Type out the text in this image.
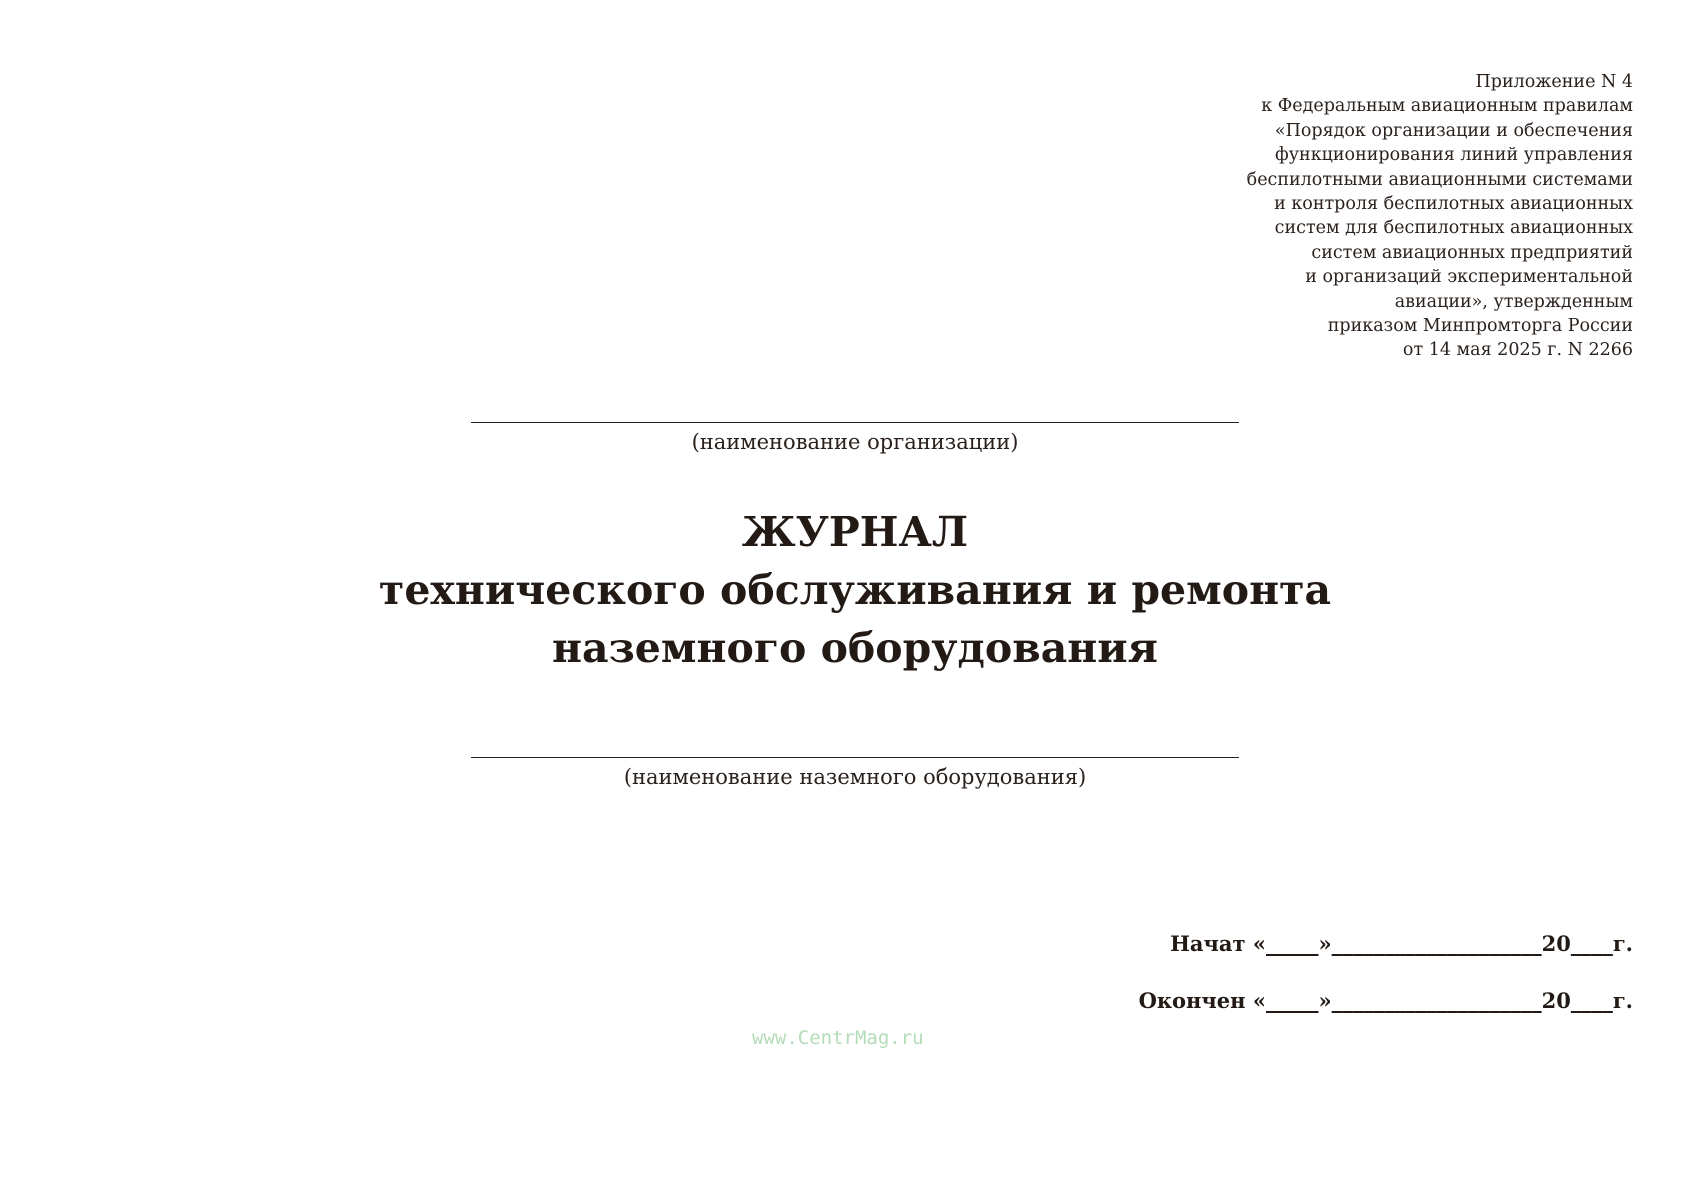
Приложение N 4
к Федеральным авиационным правилам
«Порядок организации и обеспечения
функционирования линий управления
беспилотными авиационными системами
и контроля беспилотных авиационных
систем для беспилотных авиационных
систем авиационных предприятий
и организаций экспериментальной
авиации», утвержденным
приказом Минпромторга России
от 14 мая 2025 г. N 2266
(наименование организации)
ЖУРНАЛ
технического обслуживания и ремонта
наземного оборудования
(наименование наземного оборудования)
Начат «_____»____________________20____г.
Окончен «_____»____________________20____г.
www.CentrMag.ru
